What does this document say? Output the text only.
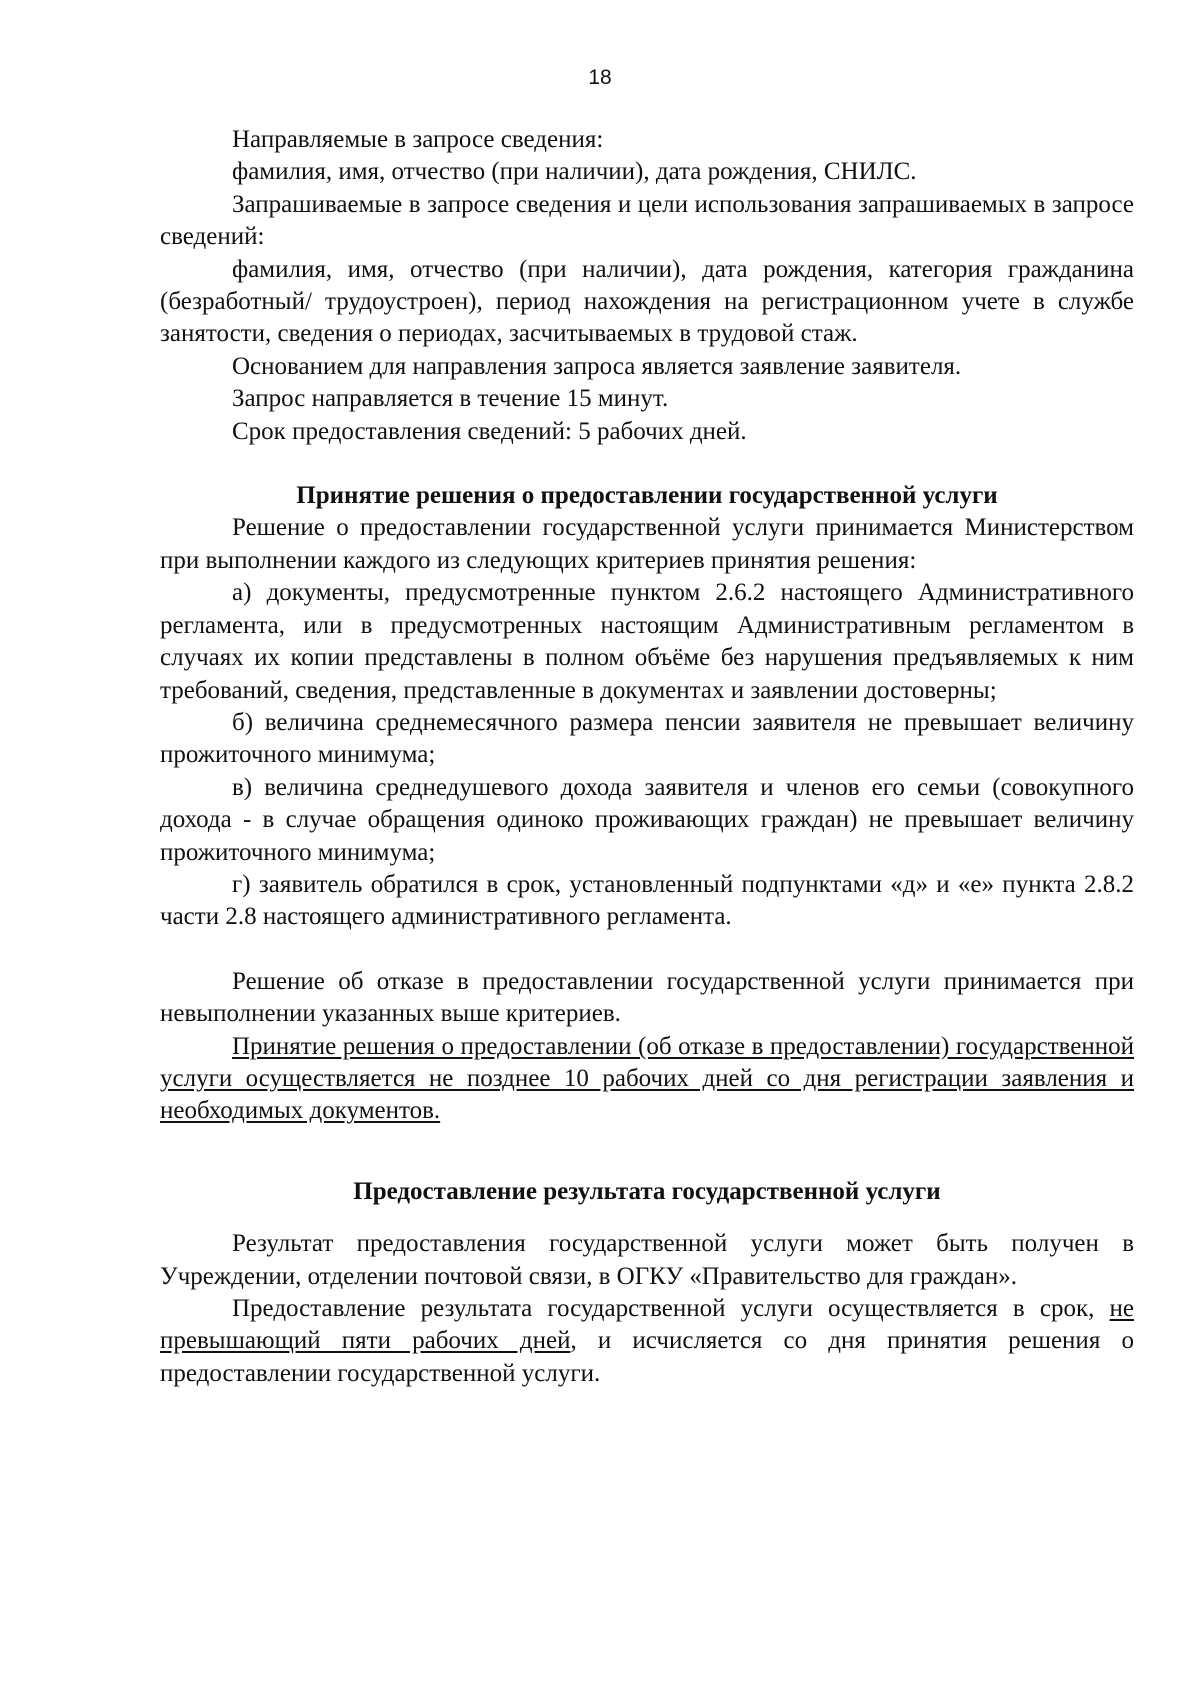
18

Направляемые в запросе сведения:

фамилия, имя, отчество (при наличии), дата рождения, СНИЛС.

Запрашиваемые в запросе сведения и цели использования запрашиваемых в запросе сведений:

фамилия, имя, отчество (при наличии), дата рождения, категория гражданина (безработный/ трудоустроен), период нахождения на регистрационном учете в службе занятости, сведения о периодах, засчитываемых в трудовой стаж.

Основанием для направления запроса является заявление заявителя.

Запрос направляется в течение 15 минут.

Срок предоставления сведений: 5 рабочих дней.

Принятие решения о предоставлении государственной услуги

Решение о предоставлении государственной услуги принимается Министерством при выполнении каждого из следующих критериев принятия решения:

а) документы, предусмотренные пунктом 2.6.2 настоящего Административного регламента, или в предусмотренных настоящим Административным регламентом в случаях их копии представлены в полном объёме без нарушения предъявляемых к ним требований, сведения, представленные в документах и заявлении достоверны;

б) величина среднемесячного размера пенсии заявителя не превышает величину прожиточного минимума;

в) величина среднедушевого дохода заявителя и членов его семьи (совокупного дохода - в случае обращения одиноко проживающих граждан) не превышает величину прожиточного минимума;

г) заявитель обратился в срок, установленный подпунктами «д» и «е» пункта 2.8.2 части 2.8 настоящего административного регламента.

Решение об отказе в предоставлении государственной услуги принимается при невыполнении указанных выше критериев.

Принятие решения о предоставлении (об отказе в предоставлении) государственной услуги осуществляется не позднее 10 рабочих дней со дня регистрации заявления и необходимых документов.

Предоставление результата государственной услуги

Результат предоставления государственной услуги может быть получен в Учреждении, отделении почтовой связи, в ОГКУ «Правительство для граждан».

Предоставление результата государственной услуги осуществляется в срок, не превышающий пяти рабочих дней, и исчисляется со дня принятия решения о предоставлении государственной услуги.
